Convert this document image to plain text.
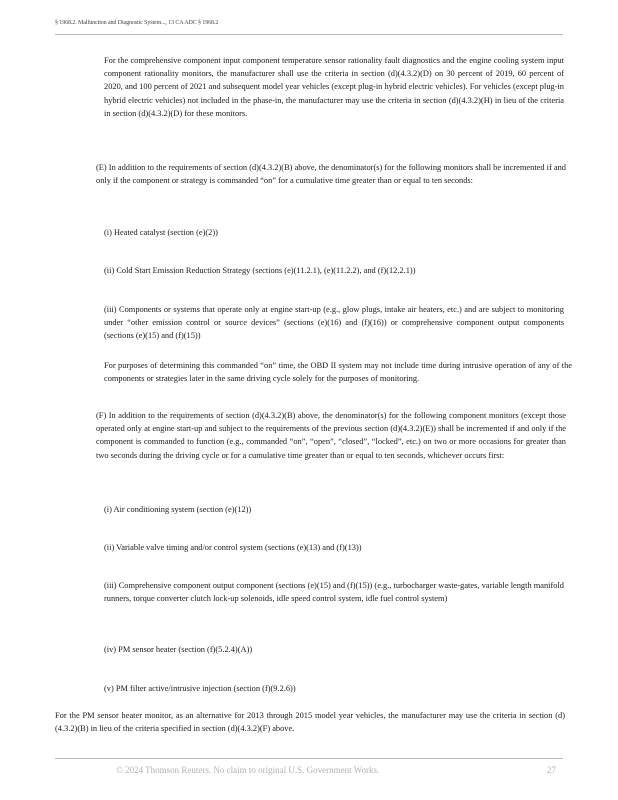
§ 1968.2. Malfunction and Diagnostic System..., 13 CA ADC § 1968.2

For the comprehensive component input component temperature sensor rationality fault diagnostics and the engine cooling system input component rationality monitors, the manufacturer shall use the criteria in section (d)(4.3.2)(D) on 30 percent of 2019, 60 percent of 2020, and 100 percent of 2021 and subsequent model year vehicles (except plug-in hybrid electric vehicles). For vehicles (except plug-in hybrid electric vehicles) not included in the phase-in, the manufacturer may use the criteria in section (d)(4.3.2)(H) in lieu of the criteria in section (d)(4.3.2)(D) for these monitors.

(E) In addition to the requirements of section (d)(4.3.2)(B) above, the denominator(s) for the following monitors shall be incremented if and only if the component or strategy is commanded “on” for a cumulative time greater than or equal to ten seconds:

(i) Heated catalyst (section (e)(2))

(ii) Cold Start Emission Reduction Strategy (sections (e)(11.2.1), (e)(11.2.2), and (f)(12.2.1))

(iii) Components or systems that operate only at engine start-up (e.g., glow plugs, intake air heaters, etc.) and are subject to monitoring under “other emission control or source devices” (sections (e)(16) and (f)(16)) or comprehensive component output components (sections (e)(15) and (f)(15))

For purposes of determining this commanded “on” time, the OBD II system may not include time during intrusive operation of any of the components or strategies later in the same driving cycle solely for the purposes of monitoring.

(F) In addition to the requirements of section (d)(4.3.2)(B) above, the denominator(s) for the following component monitors (except those operated only at engine start-up and subject to the requirements of the previous section (d)(4.3.2)(E)) shall be incremented if and only if the component is commanded to function (e.g., commanded “on”, “open”, “closed”, “locked”, etc.) on two or more occasions for greater than two seconds during the driving cycle or for a cumulative time greater than or equal to ten seconds, whichever occurs first:

(i) Air conditioning system (section (e)(12))

(ii) Variable valve timing and/or control system (sections (e)(13) and (f)(13))

(iii) Comprehensive component output component (sections (e)(15) and (f)(15)) (e.g., turbocharger waste-gates, variable length manifold runners, torque converter clutch lock-up solenoids, idle speed control system, idle fuel control system)

(iv) PM sensor heater (section (f)(5.2.4)(A))

(v) PM filter active/intrusive injection (section (f)(9.2.6))

For the PM sensor heater monitor, as an alternative for 2013 through 2015 model year vehicles, the manufacturer may use the criteria in section (d)(4.3.2)(B) in lieu of the criteria specified in section (d)(4.3.2)(F) above.

© 2024 Thomson Reuters. No claim to original U.S. Government Works.	27
